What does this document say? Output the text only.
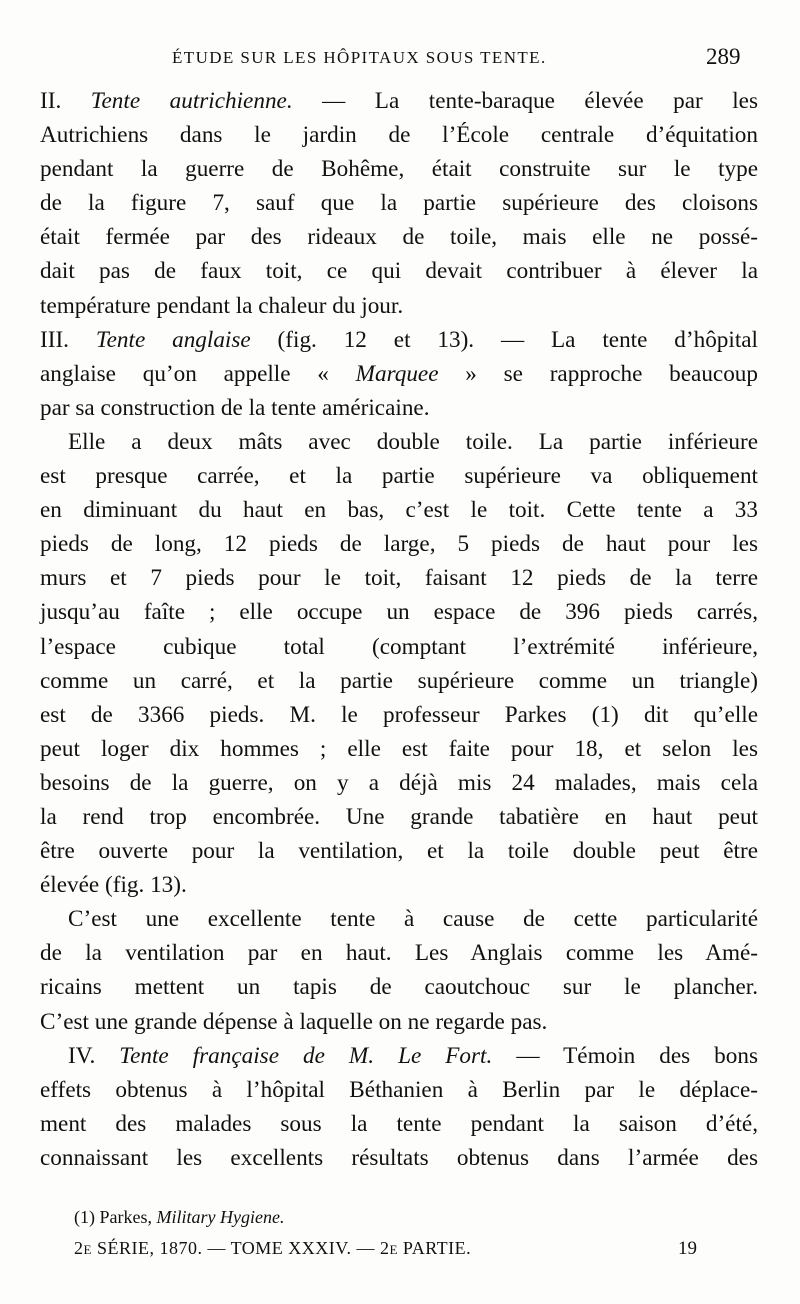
ÉTUDE SUR LES HÔPITAUX SOUS TENTE.	289
II. Tente autrichienne. — La tente-baraque élevée par les
Autrichiens dans le jardin de l’École centrale d’équitation
pendant la guerre de Bohême, était construite sur le type
de la figure 7, sauf que la partie supérieure des cloisons
était fermée par des rideaux de toile, mais elle ne possé-
dait pas de faux toit, ce qui devait contribuer à élever la
température pendant la chaleur du jour.
III. Tente anglaise (fig. 12 et 13). — La tente d’hôpital
anglaise qu’on appelle « Marquee » se rapproche beaucoup
par sa construction de la tente américaine.
Elle a deux mâts avec double toile. La partie inférieure
est presque carrée, et la partie supérieure va obliquement
en diminuant du haut en bas, c’est le toit. Cette tente a 33
pieds de long, 12 pieds de large, 5 pieds de haut pour les
murs et 7 pieds pour le toit, faisant 12 pieds de la terre
jusqu’au faîte ; elle occupe un espace de 396 pieds carrés,
l’espace cubique total (comptant l’extrémité inférieure,
comme un carré, et la partie supérieure comme un triangle)
est de 3366 pieds. M. le professeur Parkes (1) dit qu’elle
peut loger dix hommes ; elle est faite pour 18, et selon les
besoins de la guerre, on y a déjà mis 24 malades, mais cela
la rend trop encombrée. Une grande tabatière en haut peut
être ouverte pour la ventilation, et la toile double peut être
élevée (fig. 13).
C’est une excellente tente à cause de cette particularité
de la ventilation par en haut. Les Anglais comme les Amé-
ricains mettent un tapis de caoutchouc sur le plancher.
C’est une grande dépense à laquelle on ne regarde pas.
IV. Tente française de M. Le Fort. — Témoin des bons
effets obtenus à l’hôpital Béthanien à Berlin par le déplace-
ment des malades sous la tente pendant la saison d’été,
connaissant les excellents résultats obtenus dans l’armée des
(1) Parkes, Military Hygiene.
2e SÉRIE, 1870. — TOME XXXIV. — 2e PARTIE.	19
